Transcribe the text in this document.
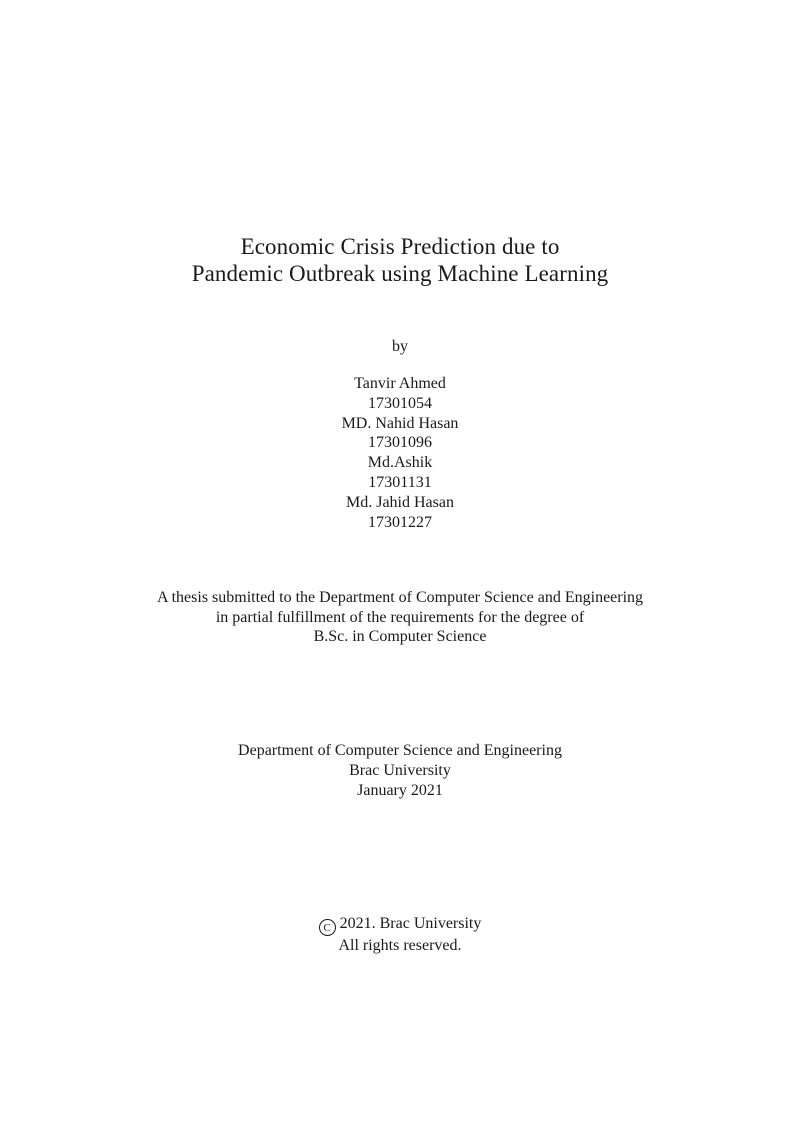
Economic Crisis Prediction due to
Pandemic Outbreak using Machine Learning
by
Tanvir Ahmed
17301054
MD. Nahid Hasan
17301096
Md.Ashik
17301131
Md. Jahid Hasan
17301227
A thesis submitted to the Department of Computer Science and Engineering
in partial fulfillment of the requirements for the degree of
B.Sc. in Computer Science
Department of Computer Science and Engineering
Brac University
January 2021
C 2021. Brac University
All rights reserved.
